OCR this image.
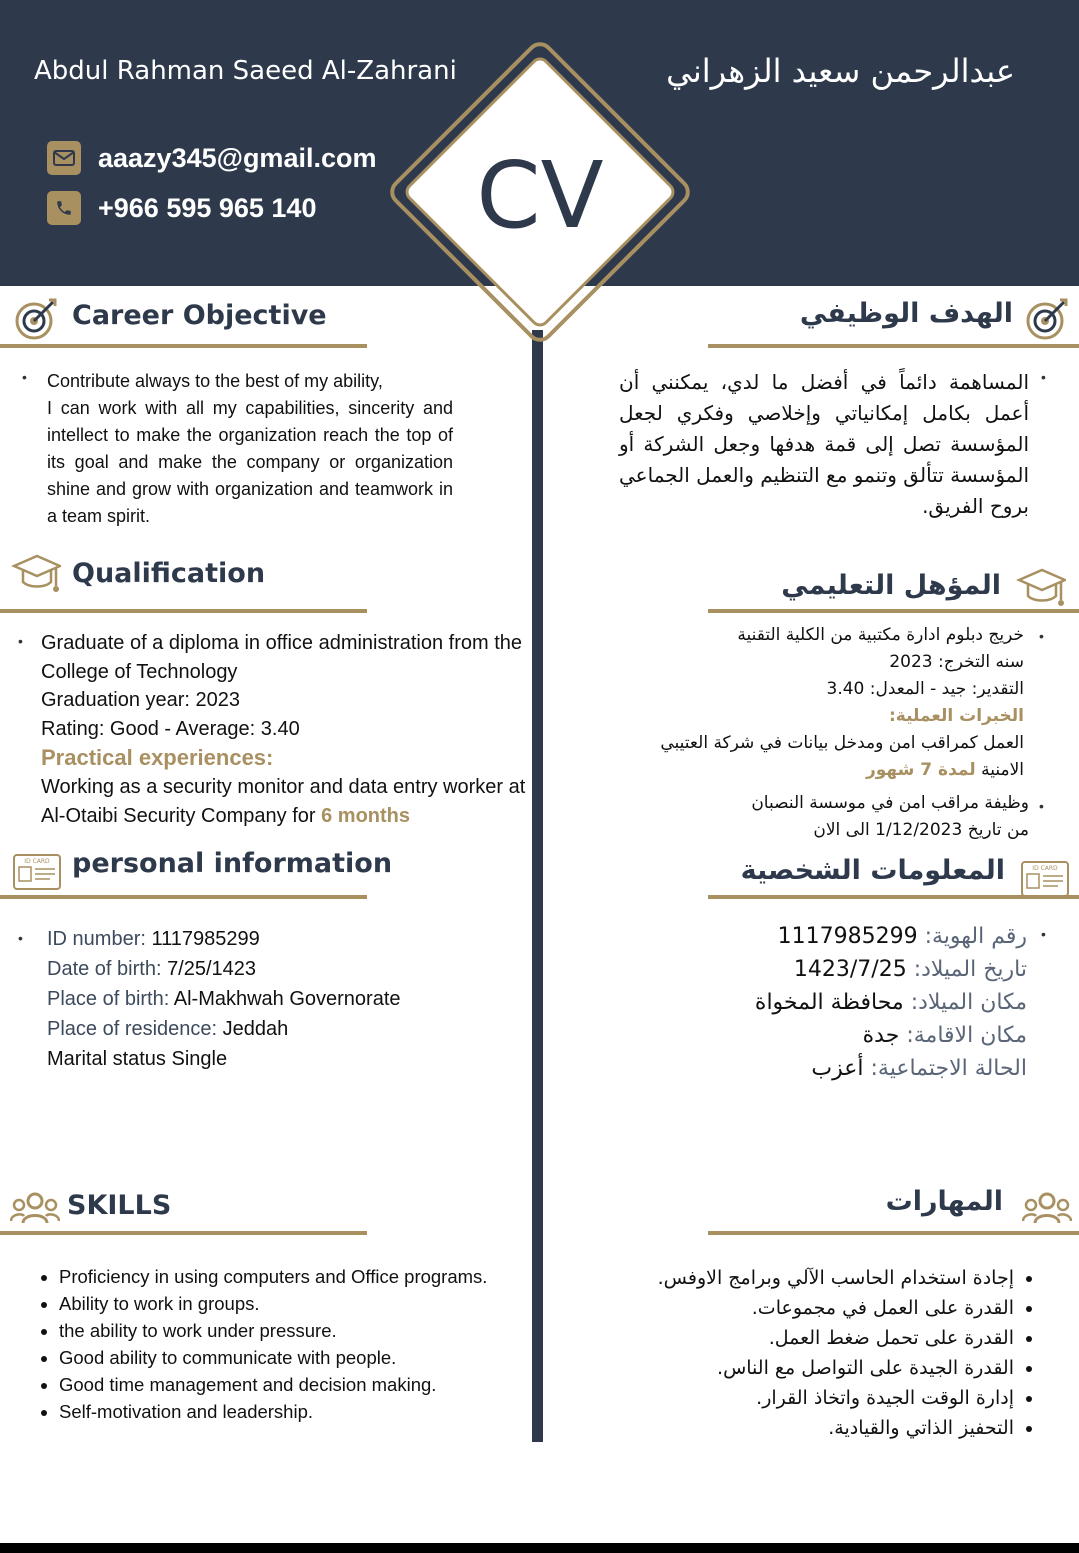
Abdul Rahman Saeed Al-Zahrani	عبدالرحمن سعيد الزهراني
aaazy345@gmail.com
+966 595 965 140	CV
Career Objective	الهدف الوظيفي
• Contribute always to the best of my ability,
I can work with all my capabilities, sincerity and intellect to make the organization reach the top of its goal and make the company or organization shine and grow with organization and teamwork in a team spirit.
•
المساهمة دائماً في أفضل ما لدي، يمكنني أن أعمل بكامل إمكانياتي وإخلاصي وفكري لجعل المؤسسة تصل إلى قمة هدفها وجعل الشركة أو المؤسسة تتألق وتنمو مع التنظيم والعمل الجماعي بروح الفريق.
Qualification	المؤهل التعليمي
• Graduate of a diploma in office administration from the College of Technology
Graduation year: 2023
Rating: Good - Average: 3.40
Practical experiences:
Working as a security monitor and data entry worker at Al-Otaibi Security Company for 6 months
•
خريج دبلوم ادارة مكتبية من الكلية التقنية
سنه التخرج: 2023
التقدير: جيد - المعدل: 3.40
الخبرات العملية:
العمل كمراقب امن ومدخل بيانات في شركة العتيبي
الامنية لمدة 7 شهور
•
وظيفة مراقب امن في موسسة النصبان
من تاريخ 1/12/2023 الى الان
ID CARD personal information	ID CARD
المعلومات الشخصية
• ID number: 1117985299
Date of birth: 7/25/1423
Place of birth: Al-Makhwah Governorate
Place of residence: Jeddah
Marital status Single
•
رقم الهوية: 1117985299
تاريخ الميلاد: 1423/7/25
مكان الميلاد: محافظة المخواة
مكان الاقامة: جدة
الحالة الاجتماعية: أعزب
SKILLS	المهارات
• Proficiency in using computers and Office programs.
• Ability to work in groups.
• the ability to work under pressure.
• Good ability to communicate with people.
• Good time management and decision making.
• Self-motivation and leadership.
• إجادة استخدام الحاسب الآلي وبرامج الاوفس.
• القدرة على العمل في مجموعات.
• القدرة على تحمل ضغط العمل.
• القدرة الجيدة على التواصل مع الناس.
• إدارة الوقت الجيدة واتخاذ القرار.
• التحفيز الذاتي والقيادية.
